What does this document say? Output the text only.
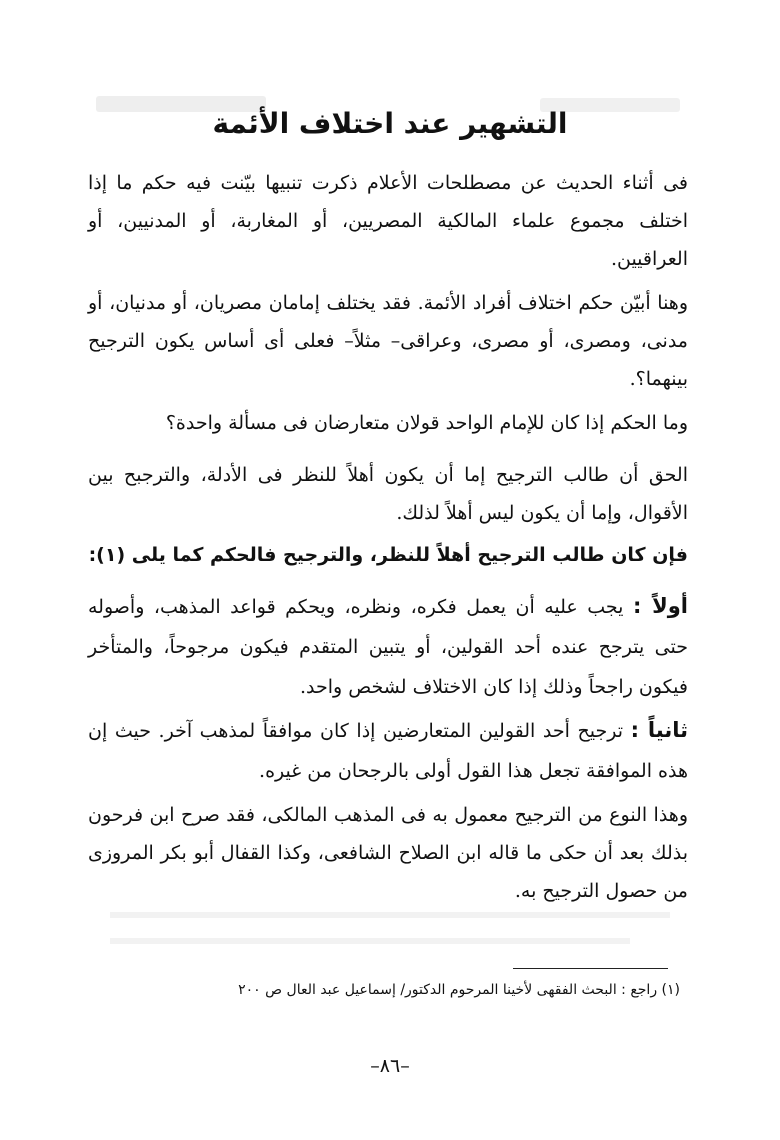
التشهير عند اختلاف الأئمة

فى أثناء الحديث عن مصطلحات الأعلام ذكرت تنبيها بيّنت فيه حكم ما إذا اختلف مجموع علماء المالكية المصريين، أو المغاربة، أو المدنيين، أو العراقيين.

وهنا أبيّن حكم اختلاف أفراد الأئمة. فقد يختلف إمامان مصريان، أو مدنيان، أو مدنى، ومصرى، أو مصرى، وعراقى– مثلاً– فعلى أى أساس يكون الترجيح بينهما؟.

وما الحكم إذا كان للإمام الواحد قولان متعارضان فى مسألة واحدة؟

الحق أن طالب الترجيح إما أن يكون أهلاً للنظر فى الأدلة، والترجبح بين الأقوال، وإما أن يكون ليس أهلاً لذلك.

فإن كان طالب الترجيح أهلاً للنظر، والترجيح فالحكم كما يلى (١):

أولاً : يجب عليه أن يعمل فكره، ونظره، ويحكم قواعد المذهب، وأصوله حتى يترجح عنده أحد القولين، أو يتبين المتقدم فيكون مرجوحاً، والمتأخر فيكون راجحاً وذلك إذا كان الاختلاف لشخص واحد.

ثانياً : ترجيح أحد القولين المتعارضين إذا كان موافقاً لمذهب آخر. حيث إن هذه الموافقة تجعل هذا القول أولى بالرجحان من غيره.

وهذا النوع من الترجيح معمول به فى المذهب المالكى، فقد صرح ابن فرحون بذلك بعد أن حكى ما قاله ابن الصلاح الشافعى، وكذا القفال أبو بكر المروزى من حصول الترجيح به.

(١) راجع : البحث الفقهى لأخينا المرحوم الدكتور/ إسماعيل عبد العال ص ٢٠٠
–٨٦–
